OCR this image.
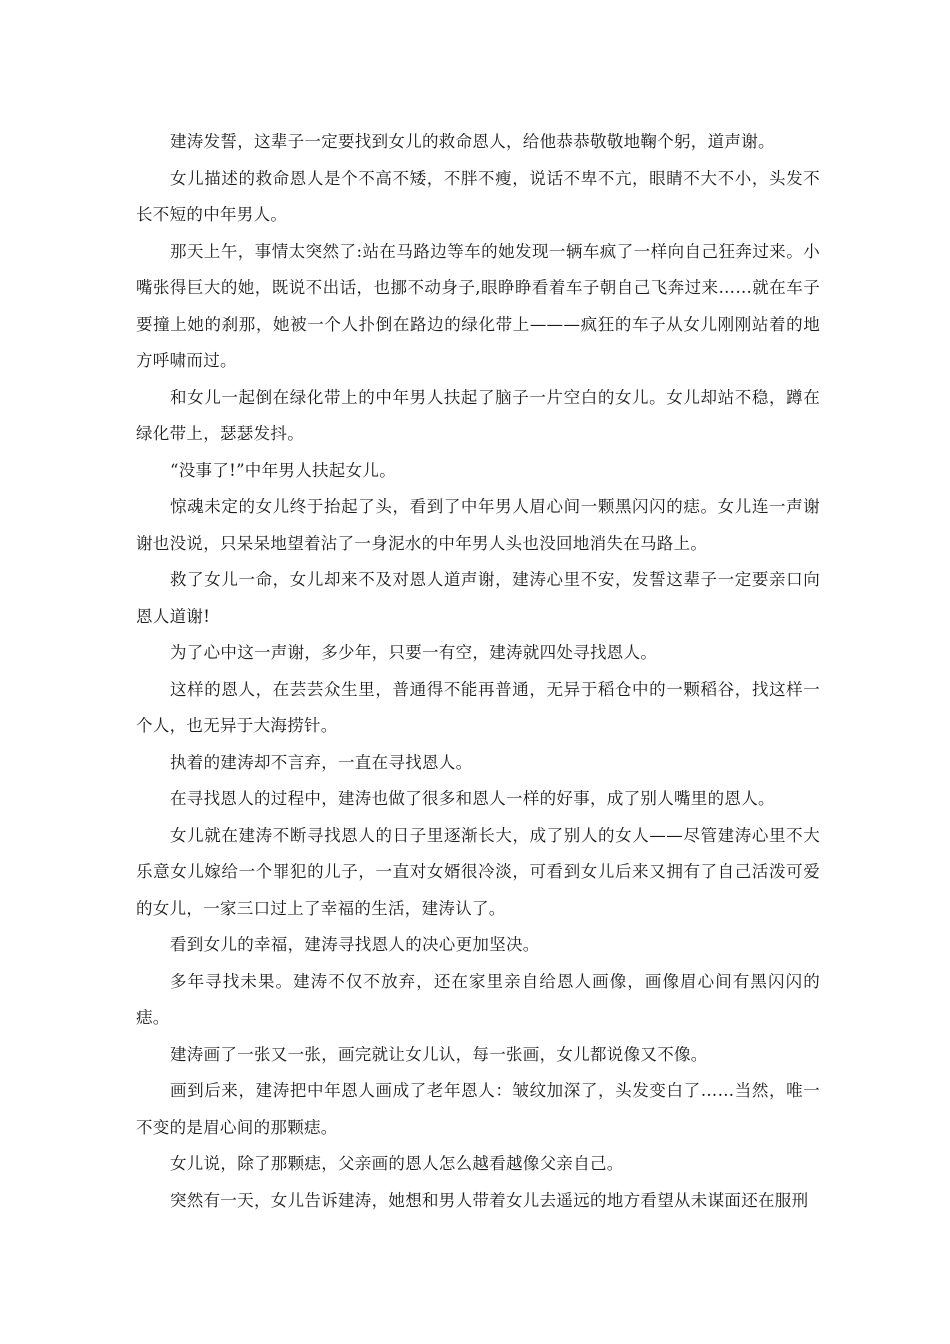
建涛发誓，这辈子一定要找到女儿的救命恩人，给他恭恭敬敬地鞠个躬，道声谢。

女儿描述的救命恩人是个不高不矮，不胖不瘦，说话不卑不亢，眼睛不大不小，头发不长不短的中年男人。

那天上午，事情太突然了:站在马路边等车的她发现一辆车疯了一样向自己狂奔过来。小嘴张得巨大的她，既说不出话，也挪不动身子,眼睁睁看着车子朝自己飞奔过来……就在车子要撞上她的刹那，她被一个人扑倒在路边的绿化带上———疯狂的车子从女儿刚刚站着的地方呼啸而过。

和女儿一起倒在绿化带上的中年男人扶起了脑子一片空白的女儿。女儿却站不稳，蹲在绿化带上，瑟瑟发抖。

“没事了!”中年男人扶起女儿。

惊魂未定的女儿终于抬起了头，看到了中年男人眉心间一颗黑闪闪的痣。女儿连一声谢谢也没说，只呆呆地望着沾了一身泥水的中年男人头也没回地消失在马路上。

救了女儿一命，女儿却来不及对恩人道声谢，建涛心里不安，发誓这辈子一定要亲口向恩人道谢!

为了心中这一声谢，多少年，只要一有空，建涛就四处寻找恩人。

这样的恩人，在芸芸众生里，普通得不能再普通，无异于稻仓中的一颗稻谷，找这样一个人，也无异于大海捞针。

执着的建涛却不言弃，一直在寻找恩人。

在寻找恩人的过程中，建涛也做了很多和恩人一样的好事，成了别人嘴里的恩人。

女儿就在建涛不断寻找恩人的日子里逐渐长大，成了别人的女人——尽管建涛心里不大乐意女儿嫁给一个罪犯的儿子，一直对女婿很冷淡，可看到女儿后来又拥有了自己活泼可爱的女儿，一家三口过上了幸福的生活，建涛认了。

看到女儿的幸福，建涛寻找恩人的决心更加坚决。

多年寻找未果。建涛不仅不放弃，还在家里亲自给恩人画像，画像眉心间有黑闪闪的痣。

建涛画了一张又一张，画完就让女儿认，每一张画，女儿都说像又不像。

画到后来，建涛把中年恩人画成了老年恩人：皱纹加深了，头发变白了……当然，唯一不变的是眉心间的那颗痣。

女儿说，除了那颗痣，父亲画的恩人怎么越看越像父亲自己。

突然有一天，女儿告诉建涛，她想和男人带着女儿去遥远的地方看望从未谋面还在服刑
